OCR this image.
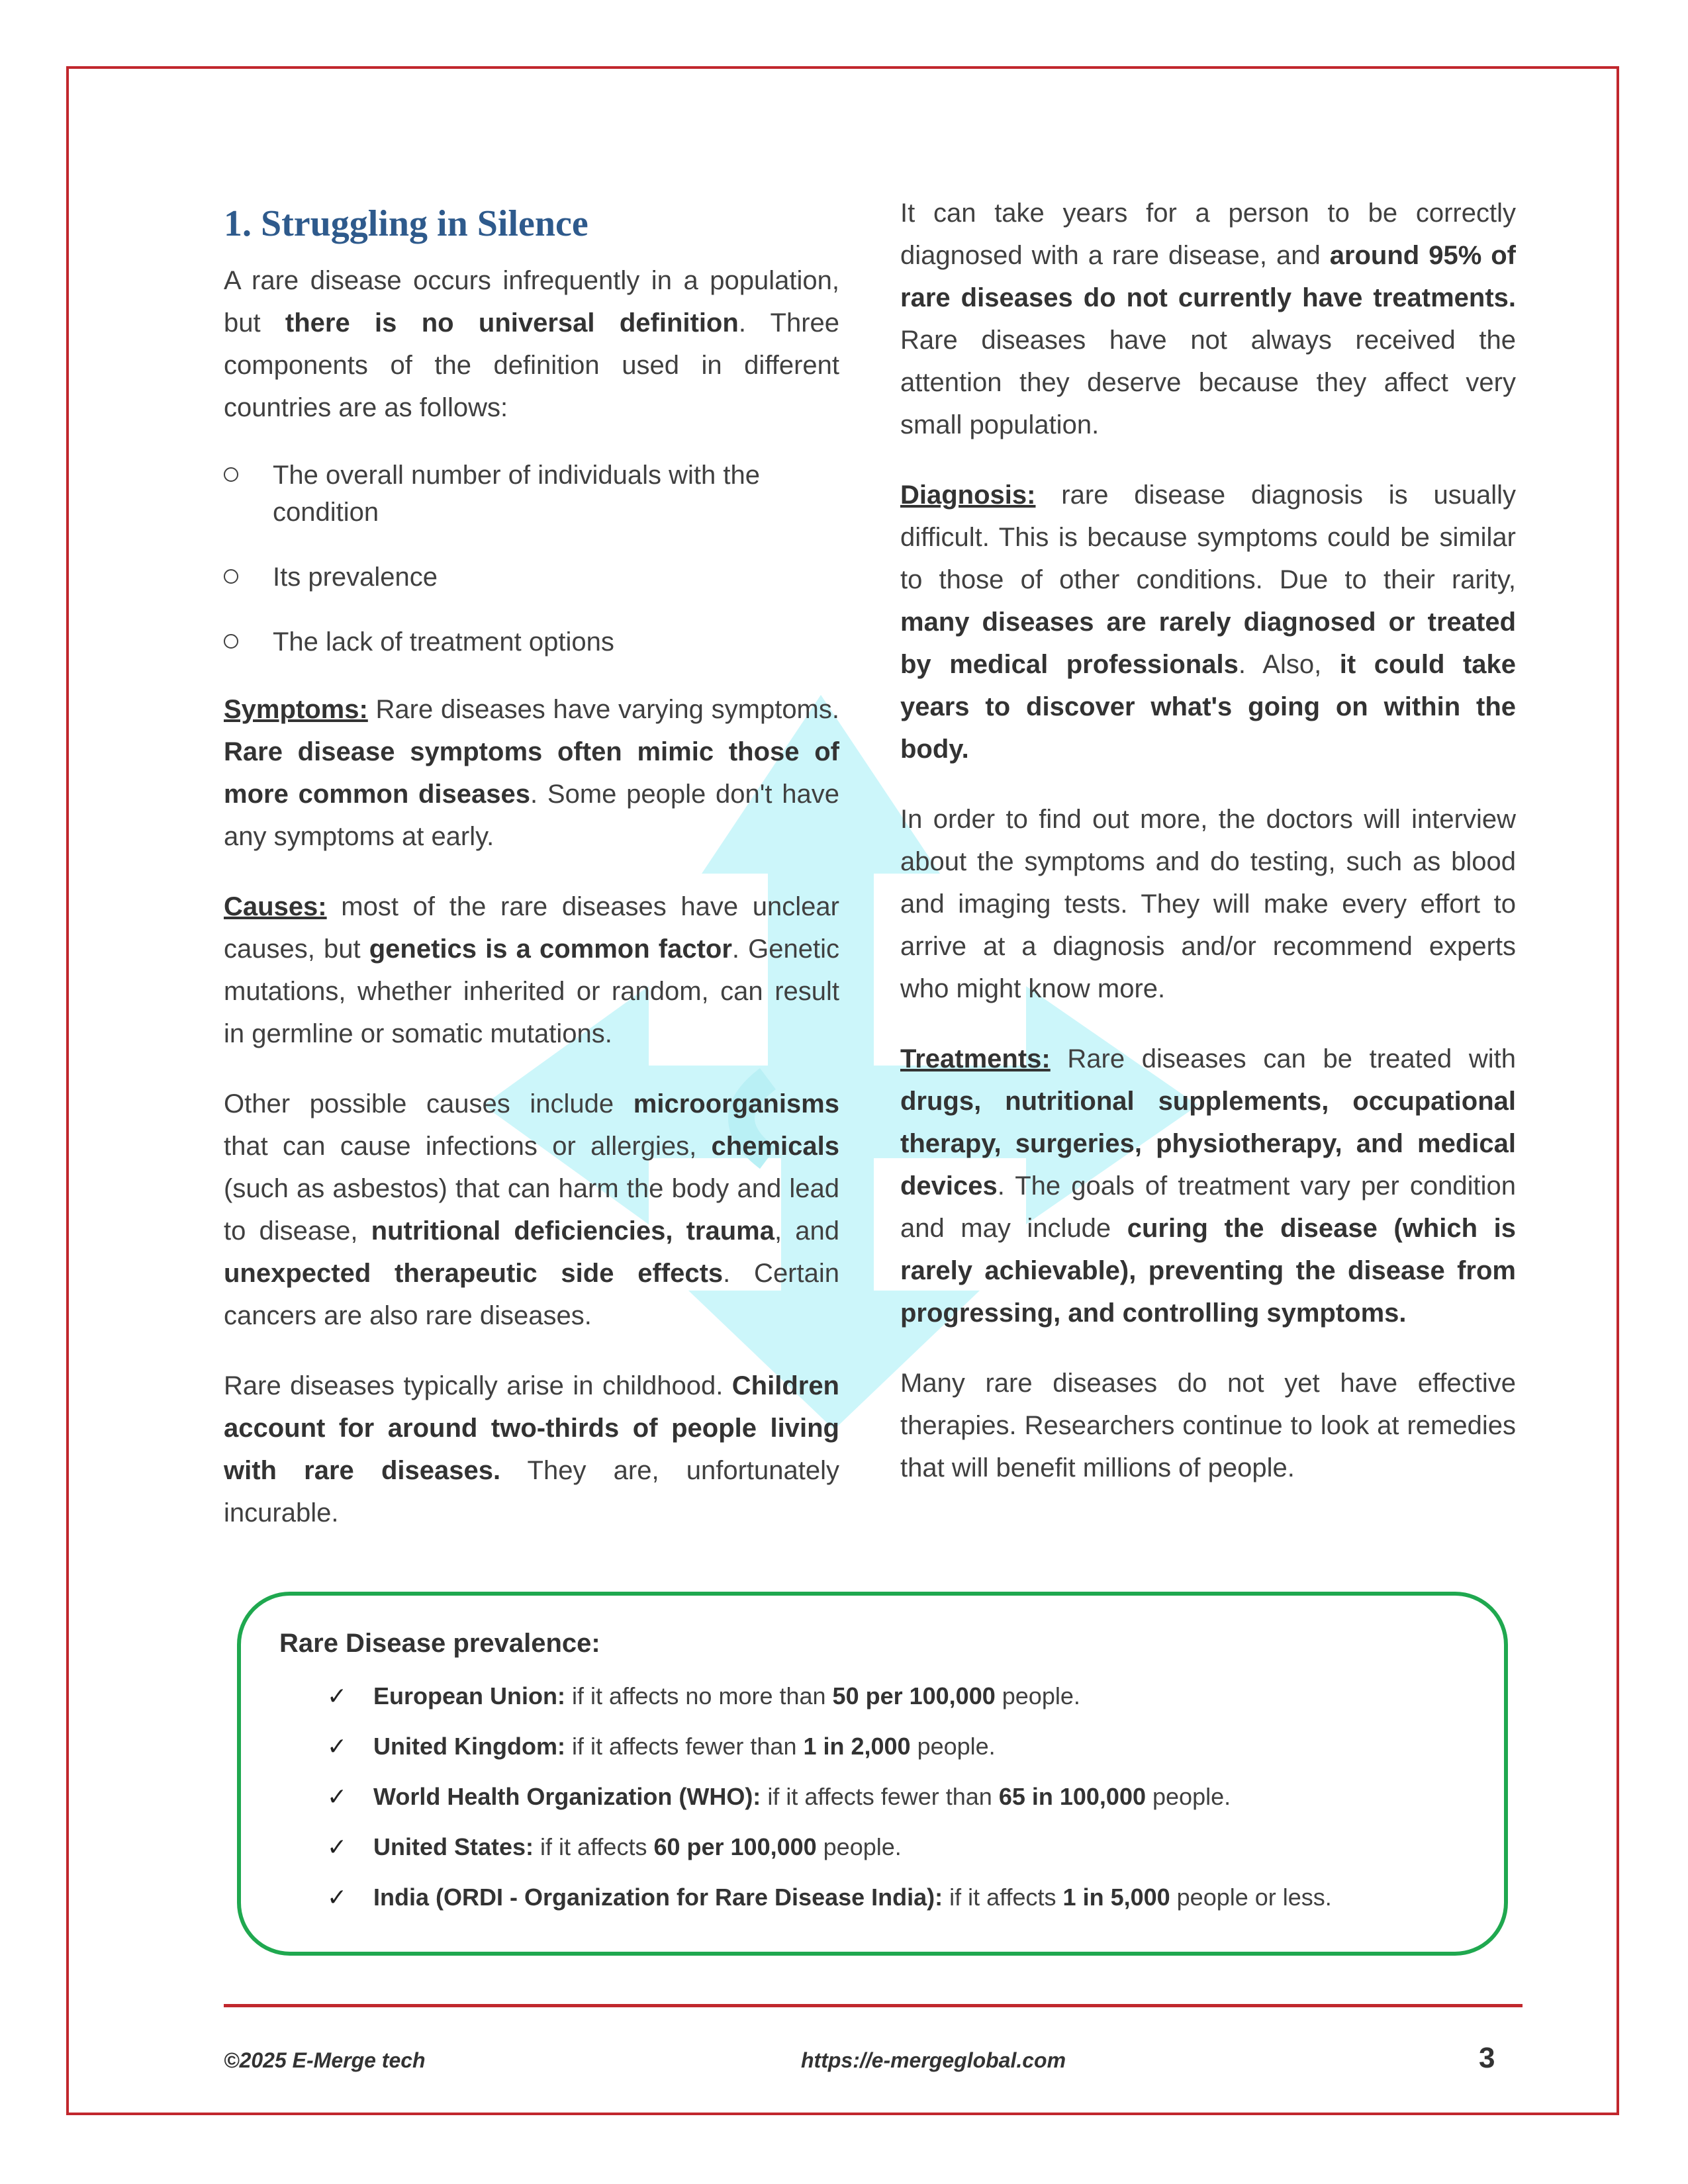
1. Struggling in Silence

A rare disease occurs infrequently in a population, but there is no universal definition. Three components of the definition used in different countries are as follows:

The overall number of individuals with the condition
Its prevalence
The lack of treatment options

Symptoms: Rare diseases have varying symptoms. Rare disease symptoms often mimic those of more common diseases. Some people don't have any symptoms at early.

Causes: most of the rare diseases have unclear causes, but genetics is a common factor. Genetic mutations, whether inherited or random, can result in germline or somatic mutations.

Other possible causes include microorganisms that can cause infections or allergies, chemicals (such as asbestos) that can harm the body and lead to disease, nutritional deficiencies, trauma, and unexpected therapeutic side effects. Certain cancers are also rare diseases.

Rare diseases typically arise in childhood. Children account for around two-thirds of people living with rare diseases. They are, unfortunately incurable.

It can take years for a person to be correctly diagnosed with a rare disease, and around 95% of rare diseases do not currently have treatments. Rare diseases have not always received the attention they deserve because they affect very small population.

Diagnosis: rare disease diagnosis is usually difficult. This is because symptoms could be similar to those of other conditions. Due to their rarity, many diseases are rarely diagnosed or treated by medical professionals. Also, it could take years to discover what's going on within the body.

In order to find out more, the doctors will interview about the symptoms and do testing, such as blood and imaging tests. They will make every effort to arrive at a diagnosis and/or recommend experts who might know more.

Treatments: Rare diseases can be treated with drugs, nutritional supplements, occupational therapy, surgeries, physiotherapy, and medical devices. The goals of treatment vary per condition and may include curing the disease (which is rarely achievable), preventing the disease from progressing, and controlling symptoms.

Many rare diseases do not yet have effective therapies. Researchers continue to look at remedies that will benefit millions of people.

Rare Disease prevalence:
✓ European Union: if it affects no more than 50 per 100,000 people.
✓ United Kingdom: if it affects fewer than 1 in 2,000 people.
✓ World Health Organization (WHO): if it affects fewer than 65 in 100,000 people.
✓ United States: if it affects 60 per 100,000 people.
✓ India (ORDI - Organization for Rare Disease India): if it affects 1 in 5,000 people or less.
©2025 E-Merge tech	https://e-mergeglobal.com	3
